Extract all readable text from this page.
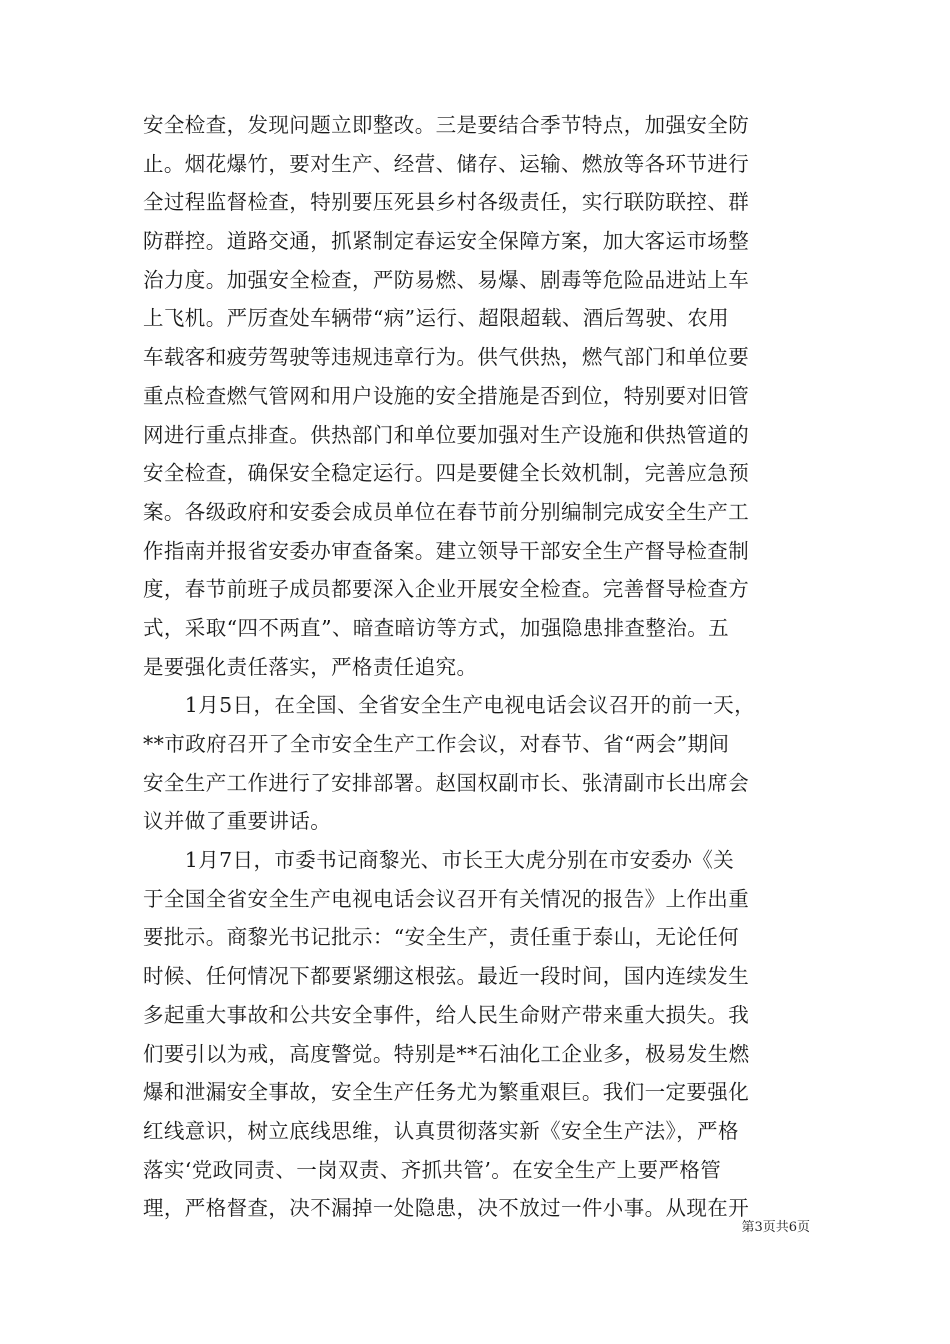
安全检查，发现问题立即整改。三是要结合季节特点，加强安全防
止。烟花爆竹，要对生产、经营、储存、运输、燃放等各环节进行
全过程监督检查，特别要压死县乡村各级责任，实行联防联控、群
防群控。道路交通，抓紧制定春运安全保障方案，加大客运市场整
治力度。加强安全检查，严防易燃、易爆、剧毒等危险品进站上车
上飞机。严厉查处车辆带“病”运行、超限超载、酒后驾驶、农用
车载客和疲劳驾驶等违规违章行为。供气供热，燃气部门和单位要
重点检查燃气管网和用户设施的安全措施是否到位，特别要对旧管
网进行重点排查。供热部门和单位要加强对生产设施和供热管道的
安全检查，确保安全稳定运行。四是要健全长效机制，完善应急预
案。各级政府和安委会成员单位在春节前分别编制完成安全生产工
作指南并报省安委办审查备案。建立领导干部安全生产督导检查制
度，春节前班子成员都要深入企业开展安全检查。完善督导检查方
式，采取“四不两直”、暗查暗访等方式，加强隐患排查整治。五
是要强化责任落实，严格责任追究。
　　1月5日，在全国、全省安全生产电视电话会议召开的前一天，
**市政府召开了全市安全生产工作会议，对春节、省“两会”期间
安全生产工作进行了安排部署。赵国权副市长、张清副市长出席会
议并做了重要讲话。
　　1月7日，市委书记商黎光、市长王大虎分别在市安委办《关
于全国全省安全生产电视电话会议召开有关情况的报告》上作出重
要批示。商黎光书记批示：“安全生产，责任重于泰山，无论任何
时候、任何情况下都要紧绷这根弦。最近一段时间，国内连续发生
多起重大事故和公共安全事件，给人民生命财产带来重大损失。我
们要引以为戒，高度警觉。特别是**石油化工企业多，极易发生燃
爆和泄漏安全事故，安全生产任务尤为繁重艰巨。我们一定要强化
红线意识，树立底线思维，认真贯彻落实新《安全生产法》，严格
落实‘党政同责、一岗双责、齐抓共管’。在安全生产上要严格管
理，严格督查，决不漏掉一处隐患，决不放过一件小事。从现在开
第3页共6页
